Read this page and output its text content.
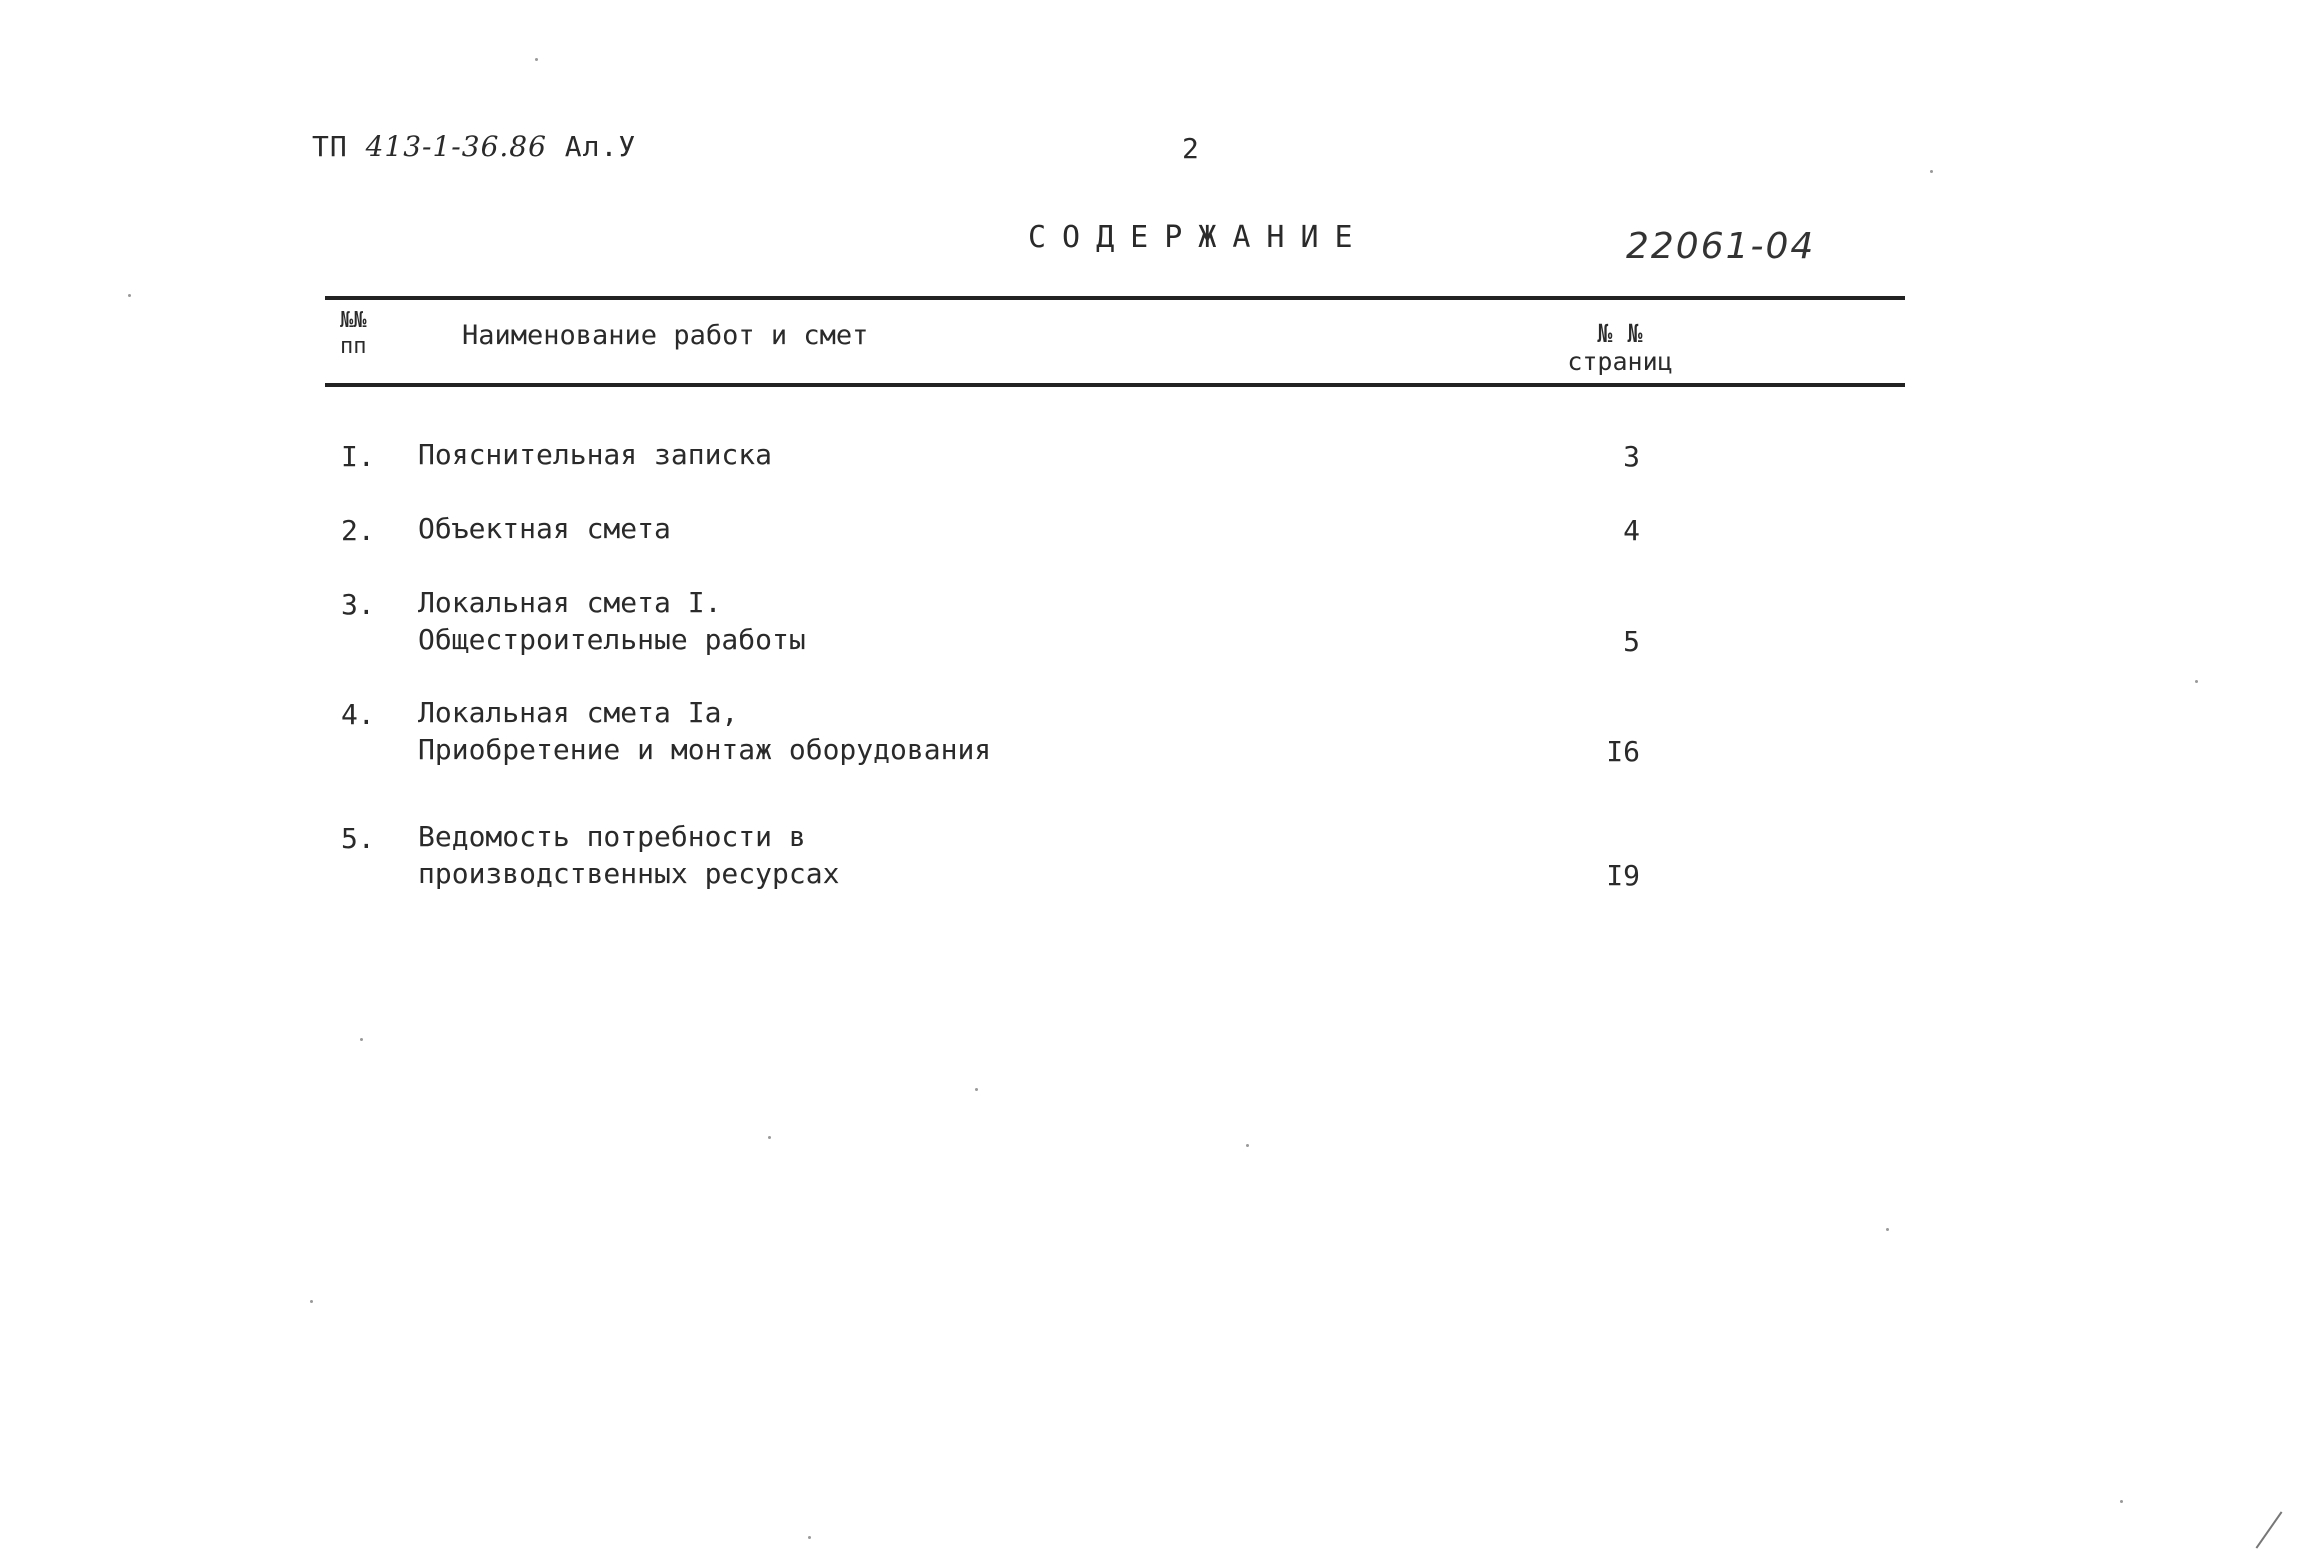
ТП 413-1-36.86 Ал.У	2
СОДЕРЖАНИЕ	22061-04
№№
пп	Наименование работ и смет	№ №
страниц
I. Пояснительная записка	3
2. Объектная смета	4
3. Локальная смета I.
Общестроительные работы	5
4. Локальная смета Iа,
Приобретение и монтаж оборудования	I6
5. Ведомость потребности в
производственных ресурсах	I9
